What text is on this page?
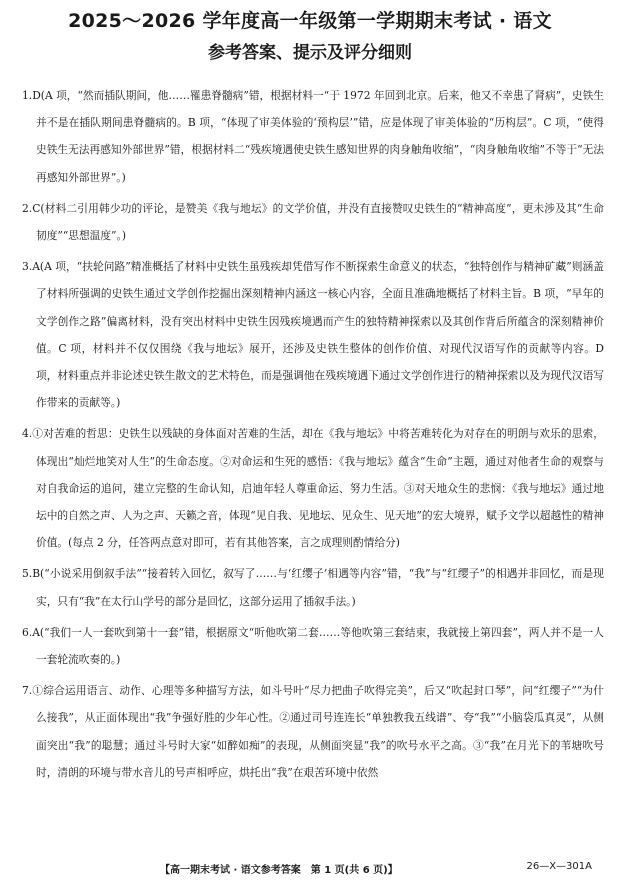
2025～2026 学年度高一年级第一学期期末考试 · 语文
参考答案、提示及评分细则

1.D(A 项，“然而插队期间，他……罹患脊髓病”错，根据材料一“于 1972 年回到北京。后来，他又不幸患了肾病”，史铁生并不是在插队期间患脊髓病的。B 项，“体现了审美体验的‘预构层’”错，应是体现了审美体验的“历构层”。C 项，“使得史铁生无法再感知外部世界”错，根据材料二“残疾境遇使史铁生感知世界的肉身触角收缩”，“肉身触角收缩”不等于“无法再感知外部世界”。)

2.C(材料二引用韩少功的评论，是赞美《我与地坛》的文学价值，并没有直接赞叹史铁生的“精神高度”，更未涉及其“生命韧度”“思想温度”。)

3.A(A 项，“扶轮问路”精准概括了材料中史铁生虽残疾却凭借写作不断探索生命意义的状态，“独特创作与精神矿藏”则涵盖了材料所强调的史铁生通过文学创作挖掘出深刻精神内涵这一核心内容，全面且准确地概括了材料主旨。B 项，“早年的文学创作之路”偏离材料，没有突出材料中史铁生因残疾境遇而产生的独特精神探索以及其创作背后所蕴含的深刻精神价值。C 项，材料并不仅仅围绕《我与地坛》展开，还涉及史铁生整体的创作价值、对现代汉语写作的贡献等内容。D 项，材料重点并非论述史铁生散文的艺术特色，而是强调他在残疾境遇下通过文学创作进行的精神探索以及为现代汉语写作带来的贡献等。)

4.①对苦难的哲思：史铁生以残缺的身体面对苦难的生活，却在《我与地坛》中将苦难转化为对存在的明朗与欢乐的思索，体现出“灿烂地笑对人生”的生命态度。②对命运和生死的感悟：《我与地坛》蕴含“生命”主题，通过对他者生命的观察与对自我命运的追问，建立完整的生命认知，启迪年轻人尊重命运、努力生活。③对天地众生的悲悯：《我与地坛》通过地坛中的自然之声、人为之声、天籁之音，体现“见自我、见地坛、见众生、见天地”的宏大境界，赋予文学以超越性的精神价值。(每点 2 分，任答两点意对即可，若有其他答案，言之成理则酌情给分)

5.B(“小说采用倒叙手法”“接着转入回忆，叙写了……与‘红缨子’相遇等内容”错，“我”与“红缨子”的相遇并非回忆，而是现实，只有“我”在太行山学号的部分是回忆，这部分运用了插叙手法。)

6.A(“我们一人一套吹到第十一套”错，根据原文“听他吹第二套……等他吹第三套结束，我就接上第四套”，两人并不是一人一套轮流吹奏的。)

7.①综合运用语言、动作、心理等多种描写方法，如斗号叶“尽力把曲子吹得完美”，后又“吹起封口琴”，问“红缨子”“为什么接我”，从正面体现出“我”争强好胜的少年心性。②通过司号连连长“单独教我五线谱”、夸“我”“小脑袋瓜真灵”，从侧面突出“我”的聪慧；通过斗号时大家“如醉如痴”的表现，从侧面突显“我”的吹号水平之高。③“我”在月光下的苇塘吹号时，清朗的环境与带水音儿的号声相呼应，烘托出“我”在艰苦环境中依然

【高一期末考试 · 语文参考答案　第 1 页(共 6 页)】	26—X—301A
